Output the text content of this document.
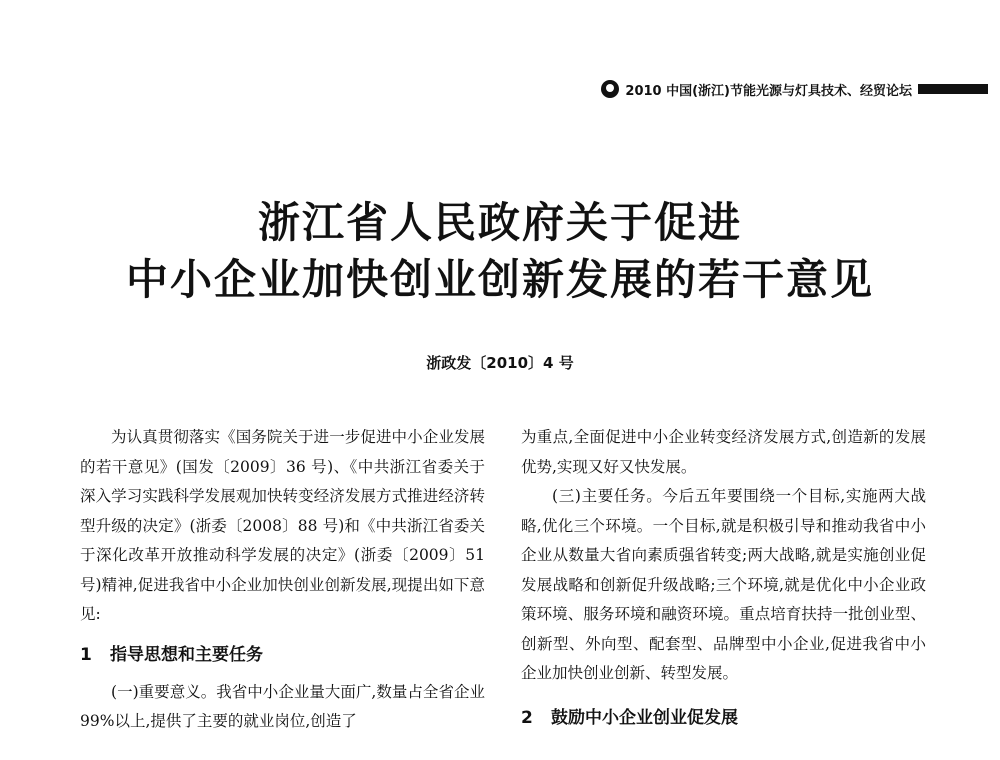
2010 中国(浙江)节能光源与灯具技术、经贸论坛
浙江省人民政府关于促进
中小企业加快创业创新发展的若干意见
浙政发〔2010〕4 号

为认真贯彻落实《国务院关于进一步促进中小企业发展的若干意见》(国发〔2009〕36 号)、《中共浙江省委关于深入学习实践科学发展观加快转变经济发展方式推进经济转型升级的决定》(浙委〔2008〕88 号)和《中共浙江省委关于深化改革开放推动科学发展的决定》(浙委〔2009〕51 号)精神,促进我省中小企业加快创业创新发展,现提出如下意见:

1 指导思想和主要任务

(一)重要意义。我省中小企业量大面广,数量占全省企业 99%以上,提供了主要的就业岗位,创造了

为重点,全面促进中小企业转变经济发展方式,创造新的发展优势,实现又好又快发展。

(三)主要任务。今后五年要围绕一个目标,实施两大战略,优化三个环境。一个目标,就是积极引导和推动我省中小企业从数量大省向素质强省转变;两大战略,就是实施创业促发展战略和创新促升级战略;三个环境,就是优化中小企业政策环境、服务环境和融资环境。重点培育扶持一批创业型、创新型、外向型、配套型、品牌型中小企业,促进我省中小企业加快创业创新、转型发展。

2 鼓励中小企业创业促发展
